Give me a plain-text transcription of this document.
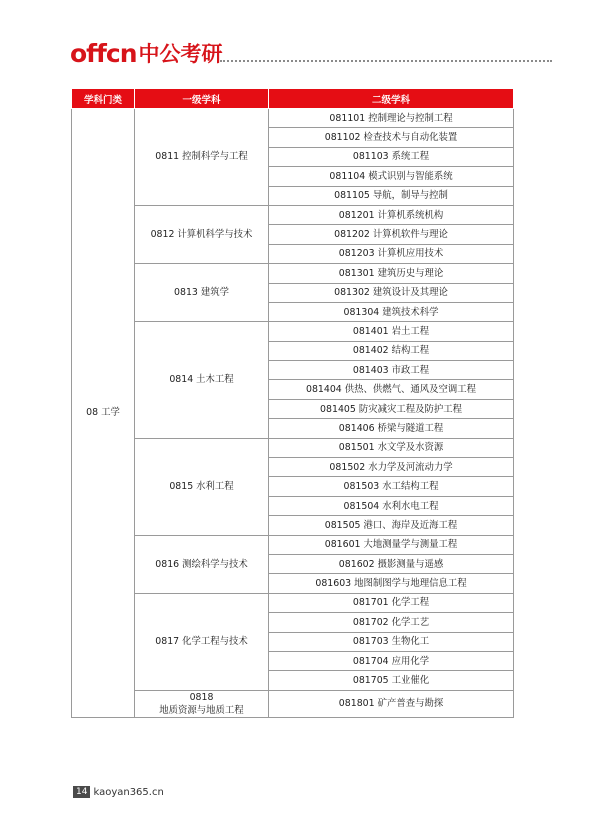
offcn 中公考研
学科门类	一级学科	二级学科
08 工学	0811 控制科学与工程	081101 控制理论与控制工程
		081102 检查技术与自动化装置
		081103 系统工程
		081104 模式识别与智能系统
		081105 导航，制导与控制
	0812 计算机科学与技术	081201 计算机系统机构
		081202 计算机软件与理论
		081203 计算机应用技术
	0813 建筑学	081301 建筑历史与理论
		081302 建筑设计及其理论
		081304 建筑技术科学
	0814 土木工程	081401 岩土工程
		081402 结构工程
		081403 市政工程
		081404 供热、供燃气、通风及空调工程
		081405 防灾减灾工程及防护工程
		081406 桥梁与隧道工程
	0815 水利工程	081501 水文学及水资源
		081502 水力学及河流动力学
		081503 水工结构工程
		081504 水利水电工程
		081505 港口、海岸及近海工程
	0816 测绘科学与技术	081601 大地测量学与测量工程
		081602 摄影测量与遥感
		081603 地图制图学与地理信息工程
	0817 化学工程与技术	081701 化学工程
		081702 化学工艺
		081703 生物化工
		081704 应用化学
		081705 工业催化
	0818
地质资源与地质工程	081801 矿产普查与勘探
14 kaoyan365.cn
